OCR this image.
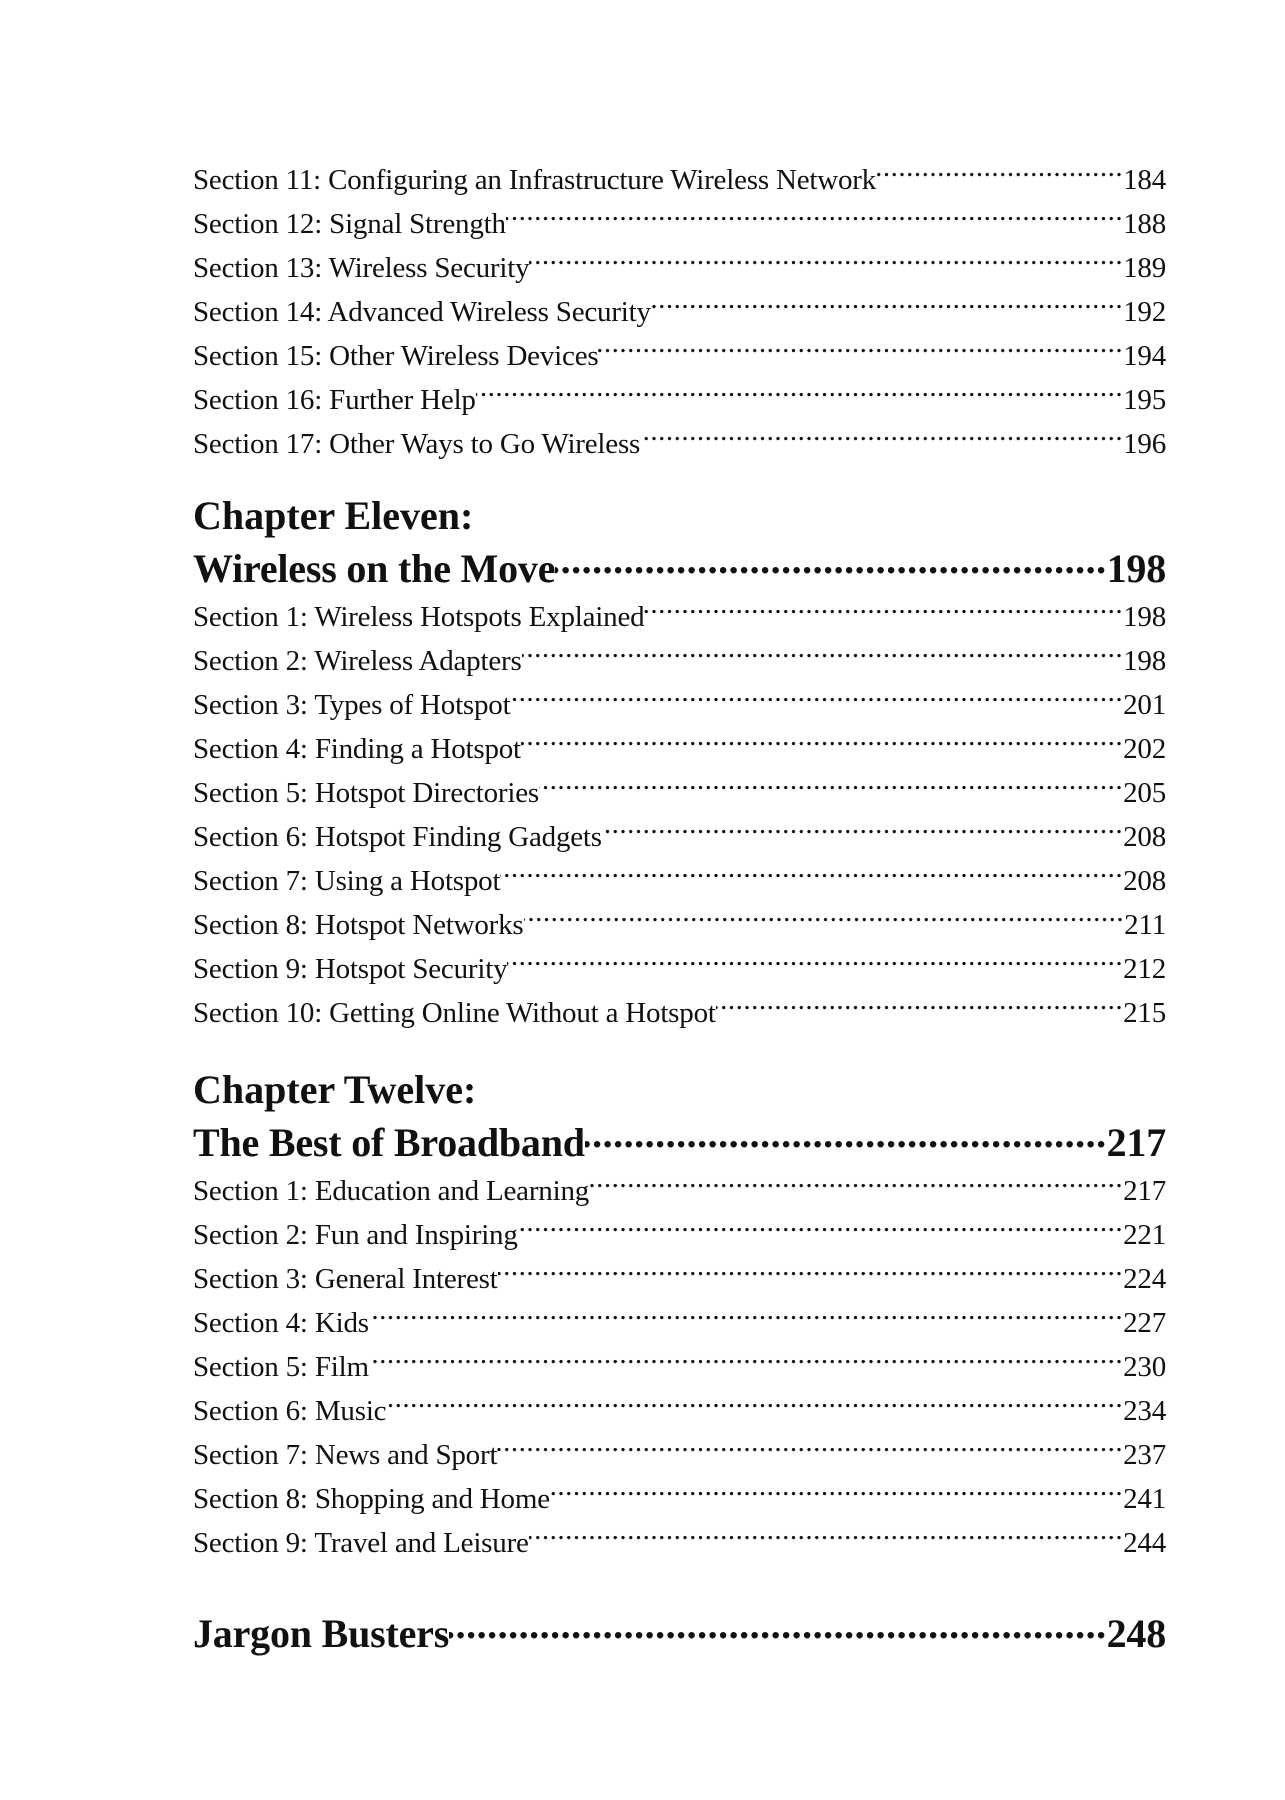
Section 11: Configuring an Infrastructure Wireless Network .....	184
Section 12: Signal Strength .....	188
Section 13: Wireless Security .....	189
Section 14: Advanced Wireless Security .....	192
Section 15: Other Wireless Devices .....	194
Section 16: Further Help .....	195
Section 17: Other Ways to Go Wireless .....	196
Chapter Eleven:
Wireless on the Move .....	198
Section 1: Wireless Hotspots Explained .....	198
Section 2: Wireless Adapters .....	198
Section 3: Types of Hotspot .....	201
Section 4: Finding a Hotspot .....	202
Section 5: Hotspot Directories .....	205
Section 6: Hotspot Finding Gadgets .....	208
Section 7: Using a Hotspot .....	208
Section 8: Hotspot Networks .....	211
Section 9: Hotspot Security .....	212
Section 10: Getting Online Without a Hotspot .....	215
Chapter Twelve:
The Best of Broadband .....	217
Section 1: Education and Learning .....	217
Section 2: Fun and Inspiring .....	221
Section 3: General Interest .....	224
Section 4: Kids .....	227
Section 5: Film .....	230
Section 6: Music .....	234
Section 7: News and Sport .....	237
Section 8: Shopping and Home .....	241
Section 9: Travel and Leisure .....	244
Jargon Busters .....	248
